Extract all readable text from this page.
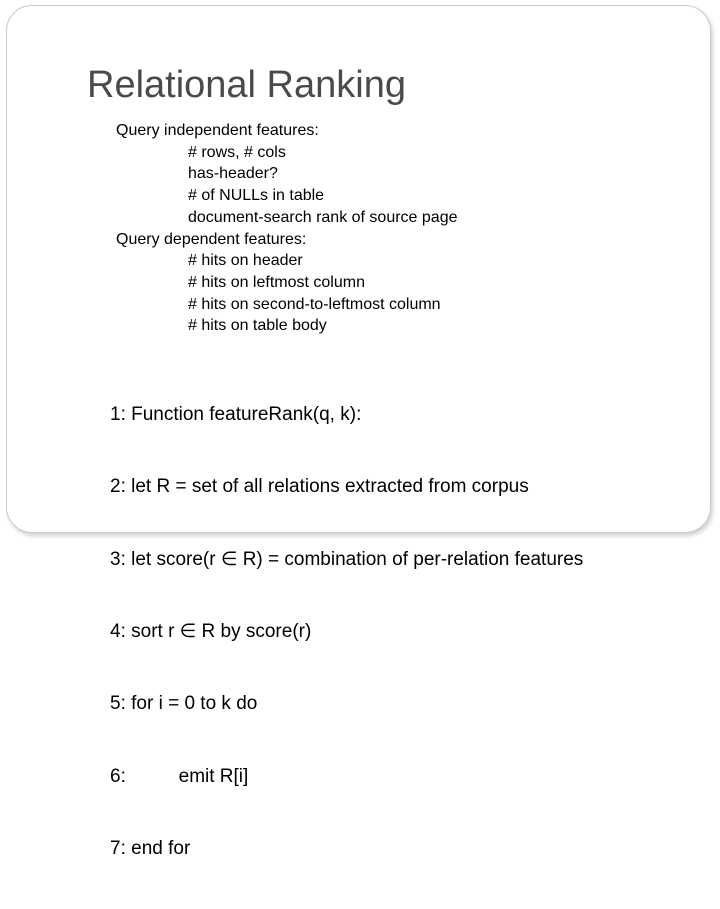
Relational Ranking
Query independent features:
# rows, # cols
has-header?
# of NULLs in table
document-search rank of source page
Query dependent features:
# hits on header
# hits on leftmost column
# hits on second-to-leftmost column
# hits on table body

1: Function featureRank(q, k):

2: let R = set of all relations extracted from corpus

3: let score(r ∈ R) = combination of per-relation features

4: sort r ∈ R by score(r)

5: for i = 0 to k do

6:          emit R[i]

7: end for
